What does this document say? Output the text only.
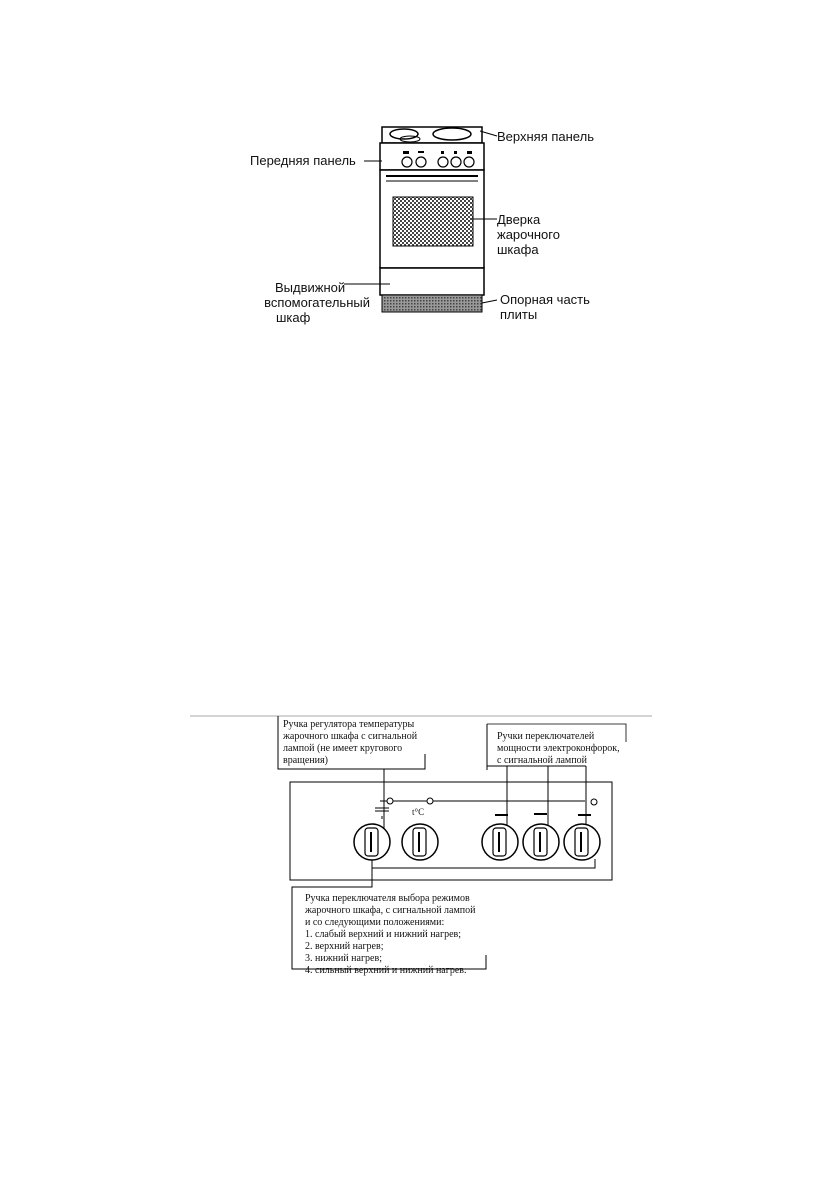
Верхняя панель
Передняя панель
Дверка
жарочного
шкафа
Выдвижной
вспомогательный
шкаф
Опорная часть
плиты
Ручка регулятора температуры
жарочного шкафа с сигнальной
лампой (не имеет кругового
вращения)
Ручки переключателей
мощности электроконфорок,
с сигнальной лампой
t°C
Ручка переключателя выбора режимов
жарочного шкафа, с сигнальной лампой
и со следующими положениями:
1. слабый верхний и нижний нагрев;
2. верхний нагрев;
3. нижний нагрев;
4. сильный верхний и нижний нагрев.
